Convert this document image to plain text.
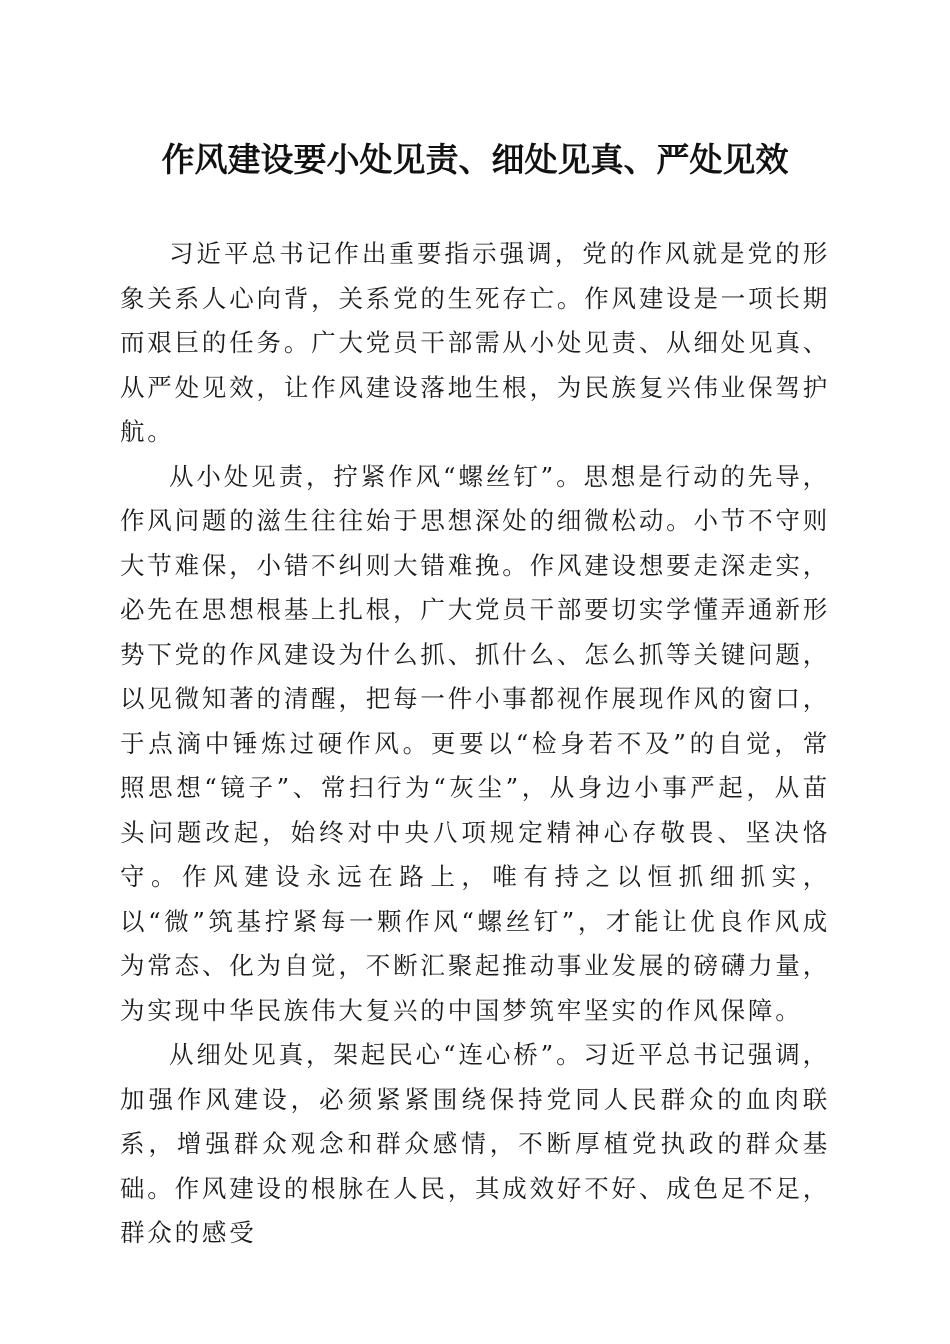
作风建设要小处见责、细处见真、严处见效

习近平总书记作出重要指示强调，党的作风就是党的形象关系人心向背，关系党的生死存亡。作风建设是一项长期而艰巨的任务。广大党员干部需从小处见责、从细处见真、从严处见效，让作风建设落地生根，为民族复兴伟业保驾护航。

从小处见责，拧紧作风“螺丝钉”。思想是行动的先导，作风问题的滋生往往始于思想深处的细微松动。小节不守则大节难保，小错不纠则大错难挽。作风建设想要走深走实，必先在思想根基上扎根，广大党员干部要切实学懂弄通新形势下党的作风建设为什么抓、抓什么、怎么抓等关键问题，以见微知著的清醒，把每一件小事都视作展现作风的窗口，于点滴中锤炼过硬作风。更要以“检身若不及”的自觉，常照思想“镜子”、常扫行为“灰尘”，从身边小事严起，从苗头问题改起，始终对中央八项规定精神心存敬畏、坚决恪守。作风建设永远在路上，唯有持之以恒抓细抓实，以“微”筑基拧紧每一颗作风“螺丝钉”，才能让优良作风成为常态、化为自觉，不断汇聚起推动事业发展的磅礴力量，为实现中华民族伟大复兴的中国梦筑牢坚实的作风保障。

从细处见真，架起民心“连心桥”。习近平总书记强调，加强作风建设，必须紧紧围绕保持党同人民群众的血肉联系，增强群众观念和群众感情，不断厚植党执政的群众基础。作风建设的根脉在人民，其成效好不好、成色足不足，群众的感受
